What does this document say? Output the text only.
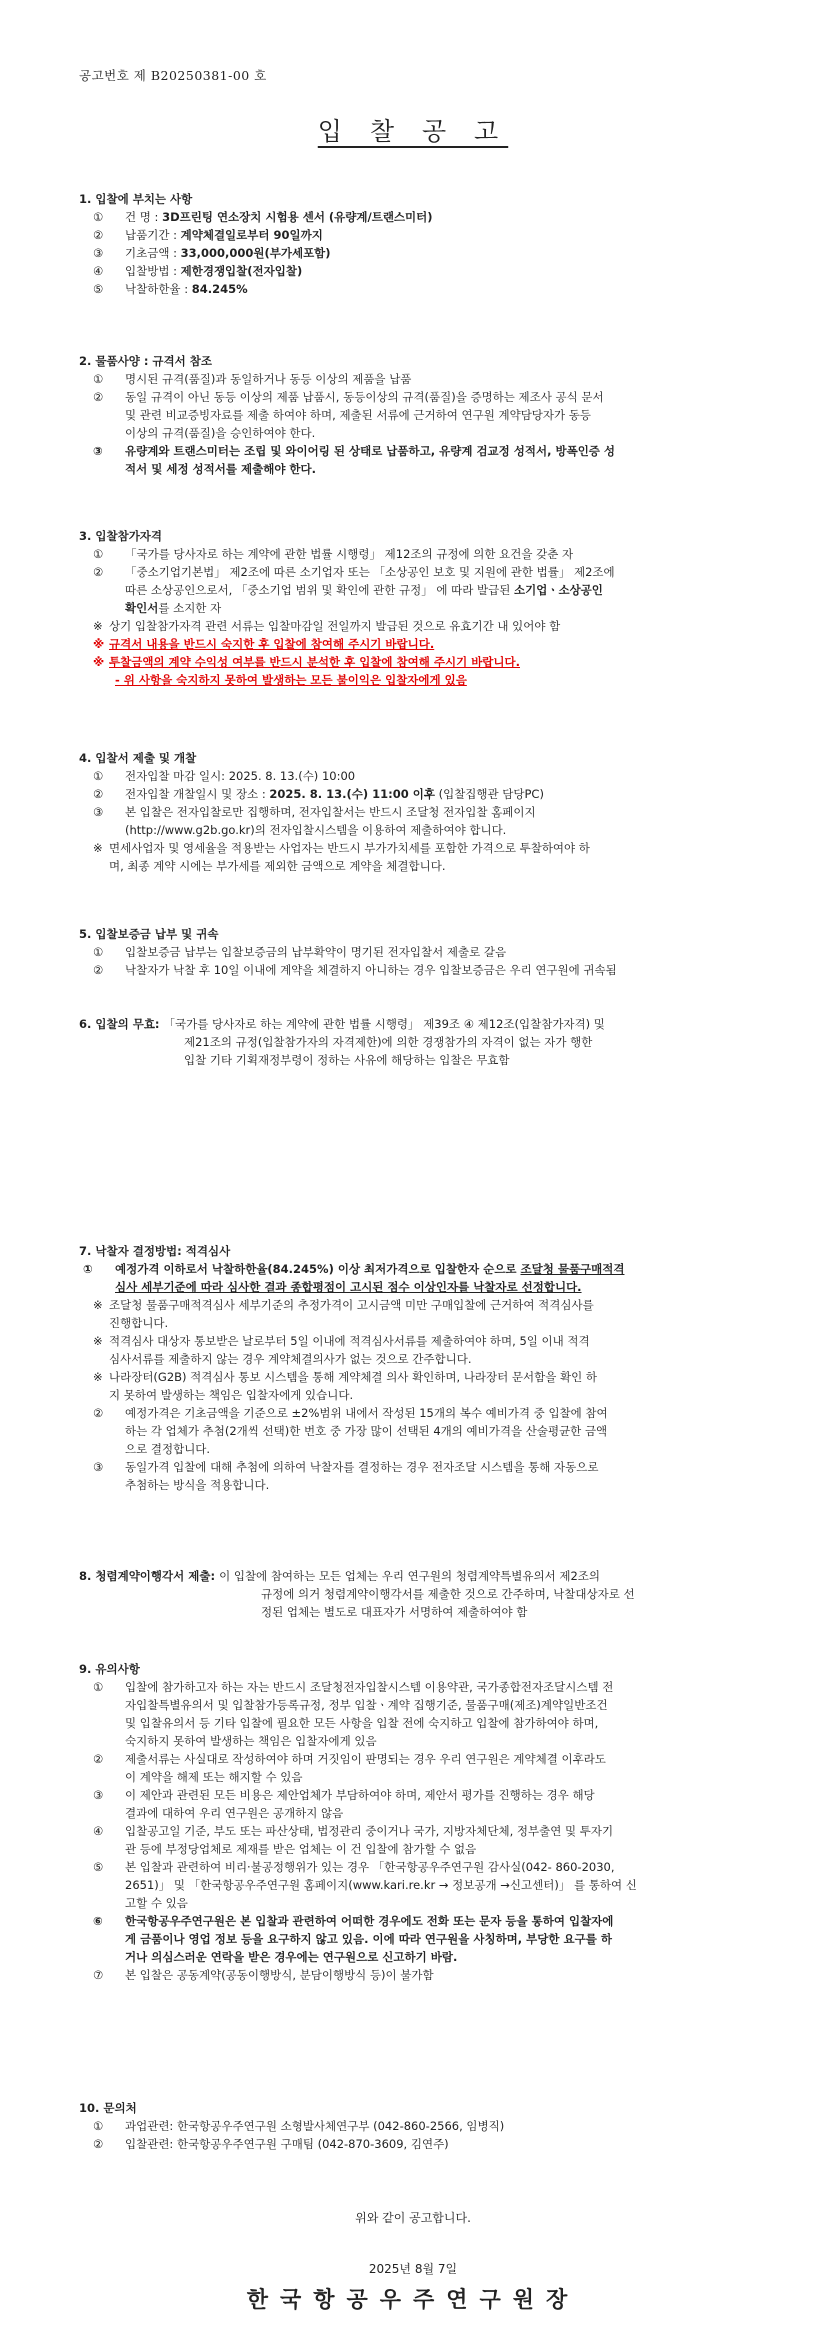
공고번호 제 B20250381-00 호
입 찰 공 고
1. 입찰에 부치는 사항
① 건 명 : 3D프린팅 연소장치 시험용 센서 (유량계/트랜스미터)
② 납품기간 : 계약체결일로부터 90일까지
③ 기초금액 : 33,000,000원(부가세포함)
④ 입찰방법 : 제한경쟁입찰(전자입찰)
⑤ 낙찰하한율 : 84.245%
2. 물품사양 : 규격서 참조
① 명시된 규격(품질)과 동일하거나 동등 이상의 제품을 납품
② 동일 규격이 아닌 동등 이상의 제품 납품시, 동등이상의 규격(품질)을 증명하는 제조사 공식 문서
및 관련 비교증빙자료를 제출 하여야 하며, 제출된 서류에 근거하여 연구원 계약담당자가 동등
이상의 규격(품질)을 승인하여야 한다.
③ 유량계와 트랜스미터는 조립 및 와이어링 된 상태로 납품하고, 유량계 검교정 성적서, 방폭인증 성
적서 및 세정 성적서를 제출해야 한다.
3. 입찰참가자격
① 「국가를 당사자로 하는 계약에 관한 법률 시행령」 제12조의 규정에 의한 요건을 갖춘 자
② 「중소기업기본법」 제2조에 따른 소기업자 또는 「소상공인 보호 및 지원에 관한 법률」 제2조에
따른 소상공인으로서, 「중소기업 범위 및 확인에 관한 규정」 에 따라 발급된 소기업ㆍ소상공인
확인서를 소지한 자
※ 상기 입찰참가자격 관련 서류는 입찰마감일 전일까지 발급된 것으로 유효기간 내 있어야 함
※ 규격서 내용을 반드시 숙지한 후 입찰에 참여해 주시기 바랍니다.
※ 투찰금액의 계약 수익성 여부를 반드시 분석한 후 입찰에 참여해 주시기 바랍니다.
- 위 사항을 숙지하지 못하여 발생하는 모든 불이익은 입찰자에게 있음
4. 입찰서 제출 및 개찰
① 전자입찰 마감 일시: 2025. 8. 13.(수) 10:00
② 전자입찰 개찰일시 및 장소 : 2025. 8. 13.(수) 11:00 이후 (입찰집행관 담당PC)
③ 본 입찰은 전자입찰로만 집행하며, 전자입찰서는 반드시 조달청 전자입찰 홈페이지
(http://www.g2b.go.kr)의 전자입찰시스템을 이용하여 제출하여야 합니다.
※ 면세사업자 및 영세율을 적용받는 사업자는 반드시 부가가치세를 포함한 가격으로 투찰하여야 하
며, 최종 계약 시에는 부가세를 제외한 금액으로 계약을 체결합니다.
5. 입찰보증금 납부 및 귀속
① 입찰보증금 납부는 입찰보증금의 납부확약이 명기된 전자입찰서 제출로 갈음
② 낙찰자가 낙찰 후 10일 이내에 계약을 체결하지 아니하는 경우 입찰보증금은 우리 연구원에 귀속됨
6. 입찰의 무효: 「국가를 당사자로 하는 계약에 관한 법률 시행령」 제39조 ④ 제12조(입찰참가자격) 및
제21조의 규정(입찰참가자의 자격제한)에 의한 경쟁참가의 자격이 없는 자가 행한
입찰 기타 기획재정부령이 정하는 사유에 해당하는 입찰은 무효함
7. 낙찰자 결정방법: 적격심사
① 예정가격 이하로서 낙찰하한율(84.245%) 이상 최저가격으로 입찰한자 순으로 조달청 물품구매적격
심사 세부기준에 따라 심사한 결과 종합평점이 고시된 점수 이상인자를 낙찰자로 선정합니다.
※ 조달청 물품구매적격심사 세부기준의 추정가격이 고시금액 미만 구매입찰에 근거하여 적격심사를
진행합니다.
※ 적격심사 대상자 통보받은 날로부터 5일 이내에 적격심사서류를 제출하여야 하며, 5일 이내 적격
심사서류를 제출하지 않는 경우 계약체결의사가 없는 것으로 간주합니다.
※ 나라장터(G2B) 적격심사 통보 시스템을 통해 계약체결 의사 확인하며, 나라장터 문서함을 확인 하
지 못하여 발생하는 책임은 입찰자에게 있습니다.
② 예정가격은 기초금액을 기준으로 ±2%범위 내에서 작성된 15개의 복수 예비가격 중 입찰에 참여
하는 각 업체가 추첨(2개씩 선택)한 번호 중 가장 많이 선택된 4개의 예비가격을 산술평균한 금액
으로 결정합니다.
③ 동일가격 입찰에 대해 추첨에 의하여 낙찰자를 결정하는 경우 전자조달 시스템을 통해 자동으로
추첨하는 방식을 적용합니다.
8. 청렴계약이행각서 제출: 이 입찰에 참여하는 모든 업체는 우리 연구원의 청렴계약특별유의서 제2조의
규정에 의거 청렴계약이행각서를 제출한 것으로 간주하며, 낙찰대상자로 선
정된 업체는 별도로 대표자가 서명하여 제출하여야 함
9. 유의사항
① 입찰에 참가하고자 하는 자는 반드시 조달청전자입찰시스템 이용약관, 국가종합전자조달시스템 전
자입찰특별유의서 및 입찰참가등록규정, 정부 입찰ㆍ계약 집행기준, 물품구매(제조)계약일반조건
및 입찰유의서 등 기타 입찰에 필요한 모든 사항을 입찰 전에 숙지하고 입찰에 참가하여야 하며,
숙지하지 못하여 발생하는 책임은 입찰자에게 있음
② 제출서류는 사실대로 작성하여야 하며 거짓임이 판명되는 경우 우리 연구원은 계약체결 이후라도
이 계약을 해제 또는 해지할 수 있음
③ 이 제안과 관련된 모든 비용은 제안업체가 부담하여야 하며, 제안서 평가를 진행하는 경우 해당
결과에 대하여 우리 연구원은 공개하지 않음
④ 입찰공고일 기준, 부도 또는 파산상태, 법정관리 중이거나 국가, 지방자체단체, 정부출연 및 투자기
관 등에 부정당업체로 제재를 받은 업체는 이 건 입찰에 참가할 수 없음
⑤ 본 입찰과 관련하여 비리·불공정행위가 있는 경우 「한국항공우주연구원 감사실(042- 860-2030,
2651)」 및 「한국항공우주연구원 홈페이지(www.kari.re.kr → 정보공개 →신고센터)」 를 통하여 신
고할 수 있음
⑥ 한국항공우주연구원은 본 입찰과 관련하여 어떠한 경우에도 전화 또는 문자 등을 통하여 입찰자에
게 금품이나 영업 정보 등을 요구하지 않고 있음. 이에 따라 연구원을 사칭하며, 부당한 요구를 하
거나 의심스러운 연락을 받은 경우에는 연구원으로 신고하기 바람.
⑦ 본 입찰은 공동계약(공동이행방식, 분담이행방식 등)이 불가함
10. 문의처
① 과업관련: 한국항공우주연구원 소형발사체연구부 (042-860-2566, 임병직)
② 입찰관련: 한국항공우주연구원 구매팀 (042-870-3609, 김연주)
위와 같이 공고합니다.
2025년 8월 7일
한국항공우주연구원장
